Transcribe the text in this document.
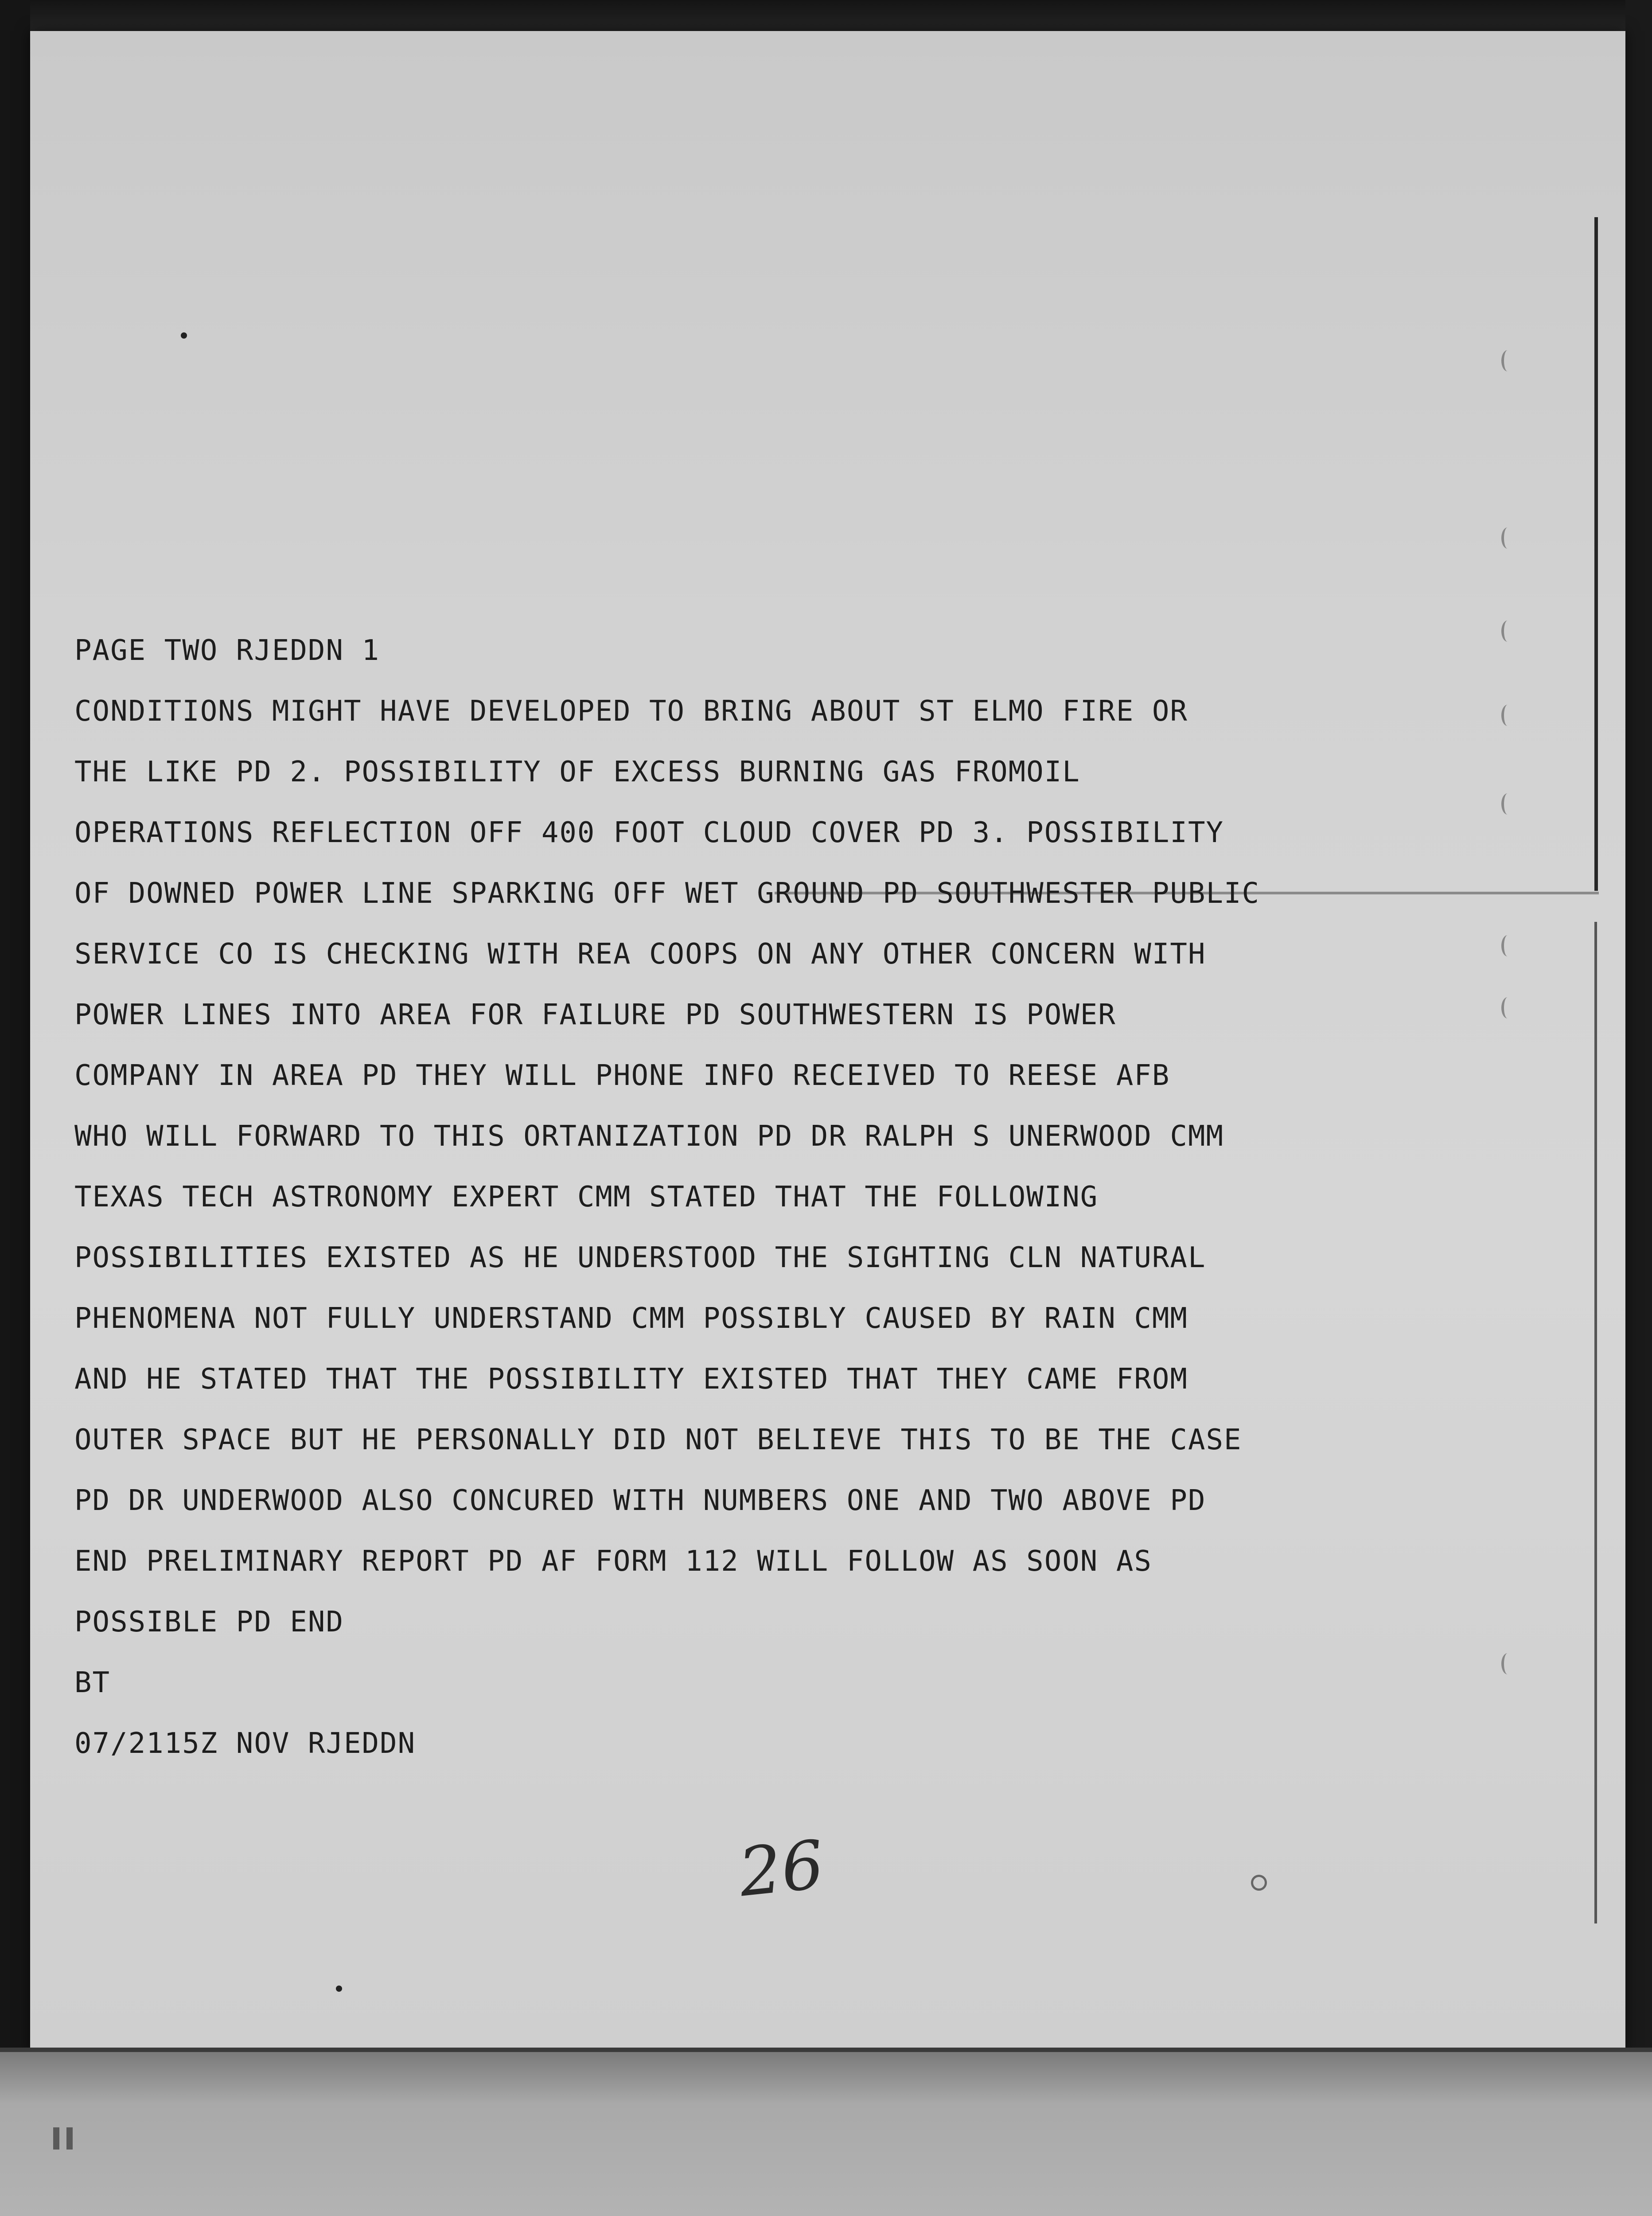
PAGE TWO RJEDDN 1
CONDITIONS MIGHT HAVE DEVELOPED TO BRING ABOUT ST ELMO FIRE OR
THE LIKE PD 2. POSSIBILITY OF EXCESS BURNING GAS FROMOIL
OPERATIONS REFLECTION OFF 400 FOOT CLOUD COVER PD 3. POSSIBILITY
OF DOWNED POWER LINE SPARKING OFF WET GROUND PD SOUTHWESTER PUBLIC
SERVICE CO IS CHECKING WITH REA COOPS ON ANY OTHER CONCERN WITH
POWER LINES INTO AREA FOR FAILURE PD SOUTHWESTERN IS POWER
COMPANY IN AREA PD THEY WILL PHONE INFO RECEIVED TO REESE AFB
WHO WILL FORWARD TO THIS ORTANIZATION PD DR RALPH S UNERWOOD CMM
TEXAS TECH ASTRONOMY EXPERT CMM STATED THAT THE FOLLOWING
POSSIBILITIES EXISTED AS HE UNDERSTOOD THE SIGHTING CLN NATURAL
PHENOMENA NOT FULLY UNDERSTAND CMM POSSIBLY CAUSED BY RAIN CMM
AND HE STATED THAT THE POSSIBILITY EXISTED THAT THEY CAME FROM
OUTER SPACE BUT HE PERSONALLY DID NOT BELIEVE THIS TO BE THE CASE
PD DR UNDERWOOD ALSO CONCURED WITH NUMBERS ONE AND TWO ABOVE PD
END PRELIMINARY REPORT PD AF FORM 112 WILL FOLLOW AS SOON AS
POSSIBLE PD END
BT
07/2115Z NOV RJEDDN
26
